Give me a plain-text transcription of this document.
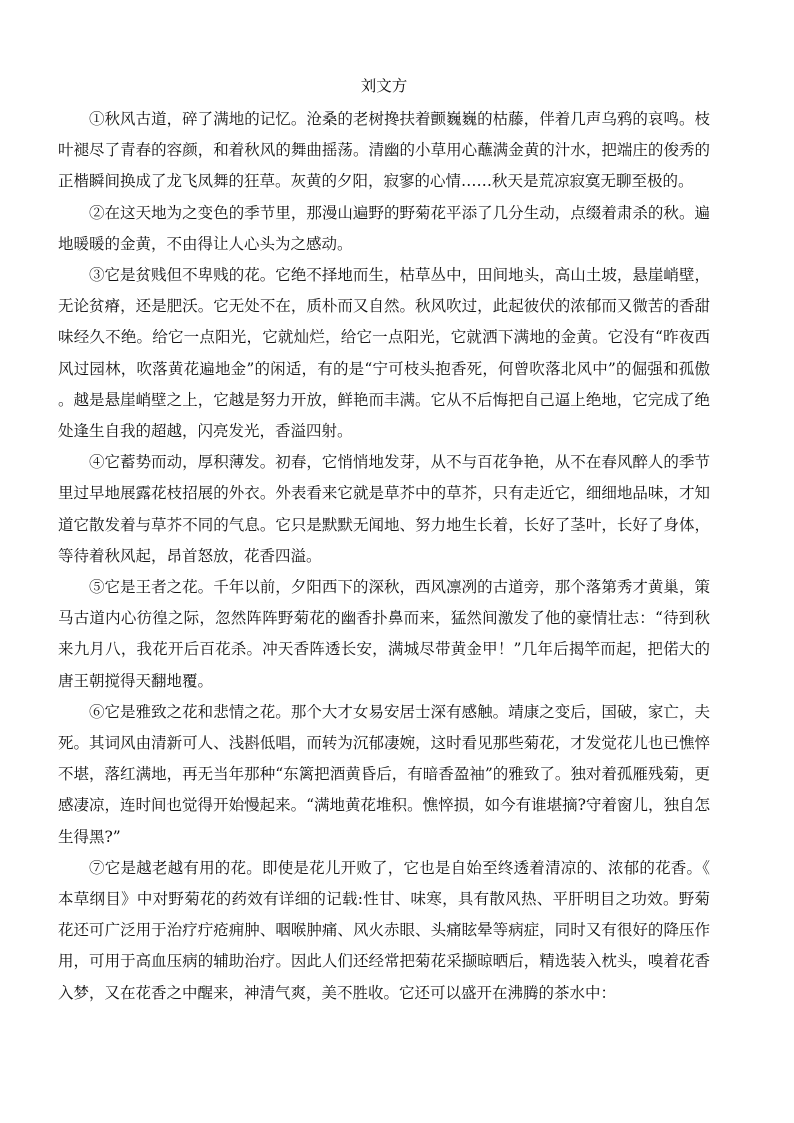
刘文方

①秋风古道，碎了满地的记忆。沧桑的老树搀扶着颤巍巍的枯藤，伴着几声乌鸦的哀鸣。枝叶褪尽了青春的容颜，和着秋风的舞曲摇荡。清幽的小草用心蘸满金黄的汁水，把端庄的俊秀的正楷瞬间换成了龙飞凤舞的狂草。灰黄的夕阳，寂寥的心情……秋天是荒凉寂寞无聊至极的。

②在这天地为之变色的季节里，那漫山遍野的野菊花平添了几分生动，点缀着肃杀的秋。遍地暖暖的金黄，不由得让人心头为之感动。

③它是贫贱但不卑贱的花。它绝不择地而生，枯草丛中，田间地头，高山土坡，悬崖峭壁，无论贫瘠，还是肥沃。它无处不在，质朴而又自然。秋风吹过，此起彼伏的浓郁而又微苦的香甜味经久不绝。给它一点阳光，它就灿烂，给它一点阳光，它就洒下满地的金黄。它没有“昨夜西风过园林，吹落黄花遍地金”的闲适，有的是“宁可枝头抱香死，何曾吹落北风中”的倔强和孤傲。越是悬崖峭壁之上，它越是努力开放，鲜艳而丰满。它从不后悔把自己逼上绝地，它完成了绝处逢生自我的超越，闪亮发光，香溢四射。

④它蓄势而动，厚积薄发。初春，它悄悄地发芽，从不与百花争艳，从不在春风醉人的季节里过早地展露花枝招展的外衣。外表看来它就是草芥中的草芥，只有走近它，细细地品味，才知道它散发着与草芥不同的气息。它只是默默无闻地、努力地生长着，长好了茎叶，长好了身体，等待着秋风起，昂首怒放，花香四溢。

⑤它是王者之花。千年以前，夕阳西下的深秋，西风凛冽的古道旁，那个落第秀才黄巢，策马古道内心彷徨之际，忽然阵阵野菊花的幽香扑鼻而来，猛然间激发了他的豪情壮志：“待到秋来九月八，我花开后百花杀。冲天香阵透长安，满城尽带黄金甲！”几年后揭竿而起，把偌大的唐王朝搅得天翻地覆。

⑥它是雅致之花和悲情之花。那个大才女易安居士深有感触。靖康之变后，国破，家亡，夫死。其词风由清新可人、浅斟低唱，而转为沉郁凄婉，这时看见那些菊花，才发觉花儿也已憔悴不堪，落红满地，再无当年那种“东篱把酒黄昏后，有暗香盈袖”的雅致了。独对着孤雁残菊，更感凄凉，连时间也觉得开始慢起来。“满地黄花堆积。憔悴损，如今有谁堪摘?守着窗儿，独自怎生得黑?”

⑦它是越老越有用的花。即使是花儿开败了，它也是自始至终透着清凉的、浓郁的花香。《本草纲目》中对野菊花的药效有详细的记载:性甘、味寒，具有散风热、平肝明目之功效。野菊花还可广泛用于治疗疔疮痈肿、咽喉肿痛、风火赤眼、头痛眩晕等病症，同时又有很好的降压作用，可用于高血压病的辅助治疗。因此人们还经常把菊花采撷晾晒后，精选装入枕头，嗅着花香入梦，又在花香之中醒来，神清气爽，美不胜收。它还可以盛开在沸腾的茶水中：
